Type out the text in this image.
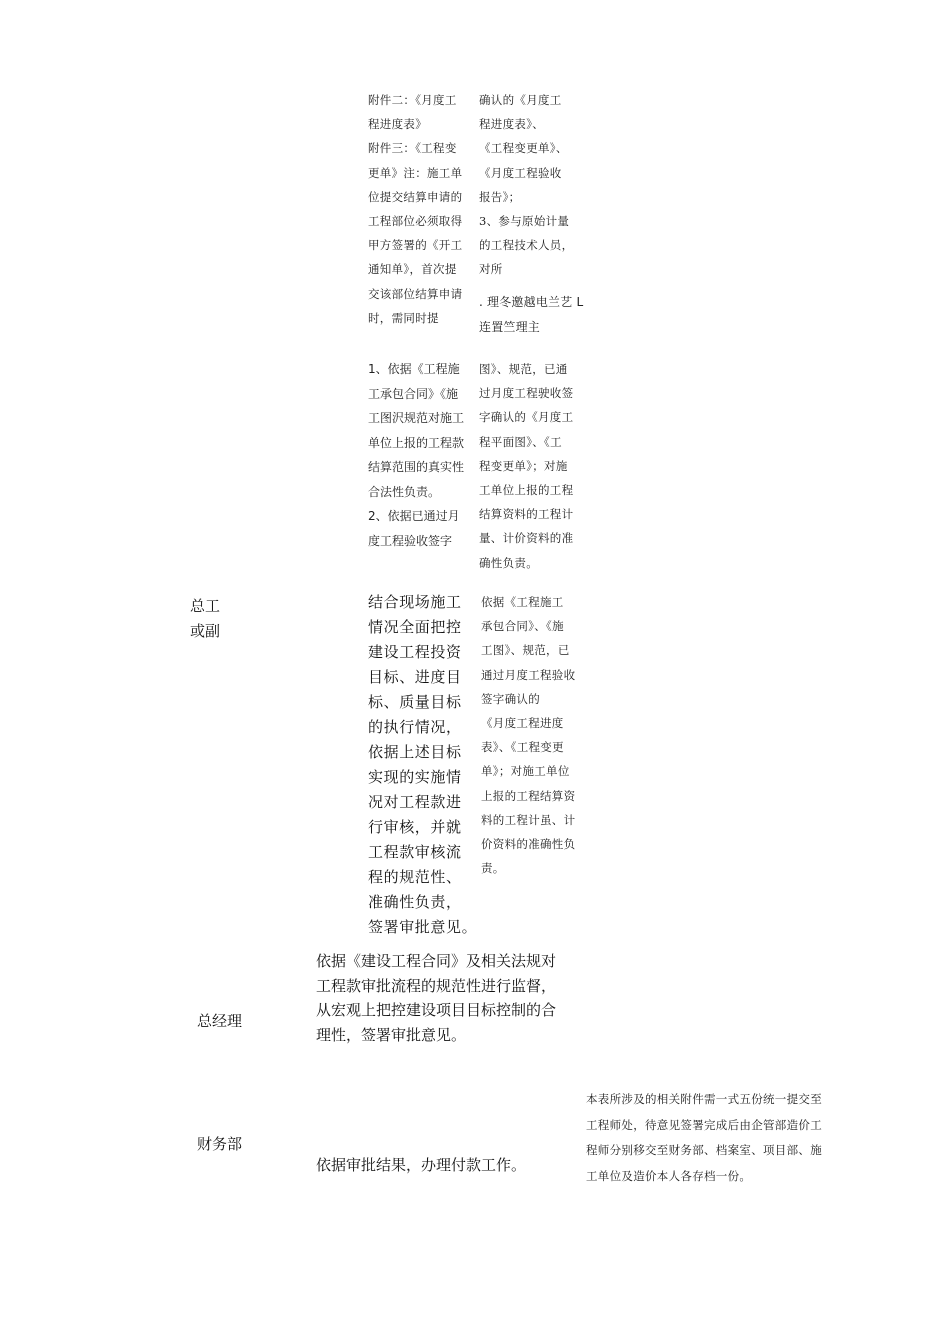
附件二：《月度工
程进度表》
附件三：《工程变
更单》注：施工单
位提交结算申请的
工程部位必须取得
甲方签署的《开工
通知单》，首次提
交该部位结算申请
时，需同时提

确认的《月度工
程进度表》、
《工程变更单》、
《月度工程验收
报告》；
3、参与原始计量
的工程技术人员，
对所

. 理冬邀越电兰艺 L
连置竺理主

1、依据《工程施
工承包合同》《施
工图沢规范对施工
单位上报的工程款
结算范围的真实性
合法性负责。
2、依据已通过月
度工程验收签字

图》、规范，已通
过月度工程驶收签
字确认的《月度工
程平面图》、《工
程变更单》；对施
工单位上报的工程
结算资料的工程计
量、计价资料的准
确性负责。

总工
或副

结合现场施工
情况全面把控
建设工程投资
目标、进度目
标、质量目标
的执行情况，
依据上述目标
实现的实施情
况对工程款进
行审核，并就
工程款审核流
程的规范性、
准确性负责，
签署审批意见。

依据《工程施工
承包合同》、《施
工图》、规范，已
通过月度工程验收
签字确认的
《月度工程进度
表》、《工程变更
单》；对施工单位
上报的工程结算资
料的工程计虽、计
价资料的准确性负
责。

总经理

依据《建设工程合同》及相关法规对
工程款审批流程的规范性进行监督，
从宏观上把控建设项目目标控制的合
理性，签署审批意见。

财务部

依据审批结果，办理付款工作。

本表所涉及的相关附件需一式五份统一提交至
工程师处，待意见签署完成后由企管部造价工
程师分别移交至财务部、档案室、项目部、施
工单位及造价本人各存档一份。
